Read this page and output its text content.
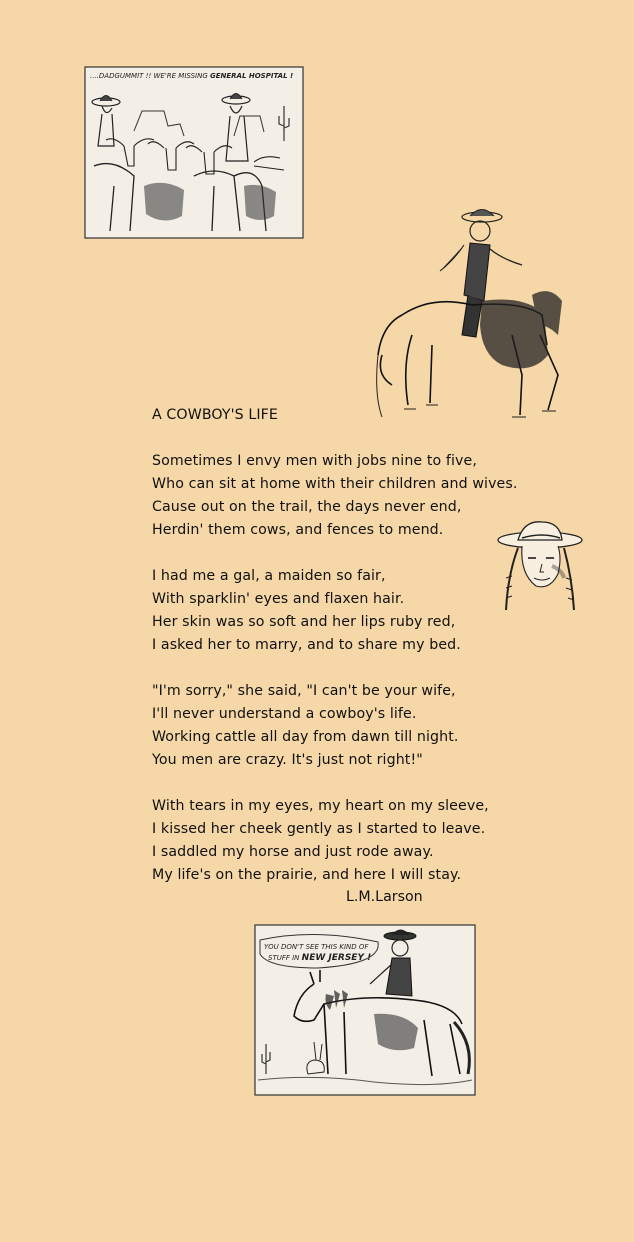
....DADGUMMIT !! WE'RE MISSING GENERAL HOSPITAL !
A COWBOY'S LIFE
Sometimes I envy men with jobs nine to five,
Who can sit at home with their children and wives.
Cause out on the trail, the days never end,
Herdin' them cows, and fences to mend.
I had me a gal, a maiden so fair,
With sparklin' eyes and flaxen hair.
Her skin was so soft and her lips ruby red,
I asked her to marry, and to share my bed.
"I'm sorry," she said, "I can't be your wife,
I'll never understand a cowboy's life.
Working cattle all day from dawn till night.
You men are crazy. It's just not right!"
With tears in my eyes, my heart on my sleeve,
I kissed her cheek gently as I started to leave.
I saddled my horse and just rode away.
My life's on the prairie, and here I will stay.
L.M.Larson
YOU DON'T SEE THIS KIND OF
STUFF IN NEW JERSEY !
